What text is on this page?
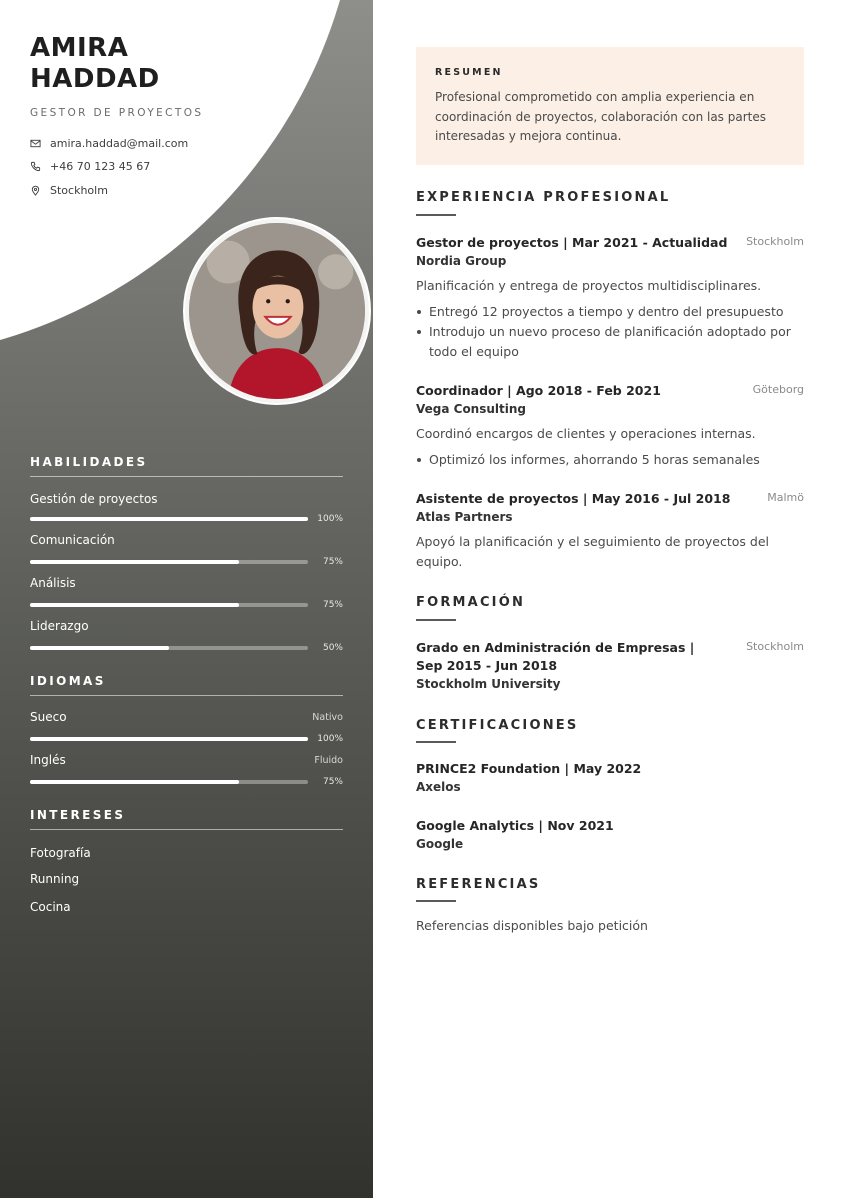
AMIRA
HADDAD
GESTOR DE PROYECTOS
amira.haddad@mail.com
+46 70 123 45 67
Stockholm
HABILIDADES
Gestión de proyectos
100%
Comunicación
75%
Análisis
75%
Liderazgo
50%
IDIOMAS
Sueco	Nativo
100%
Inglés	Fluido
75%
INTERESES
Fotografía
Running
Cocina
RESUMEN
Profesional comprometido con amplia experiencia en coordinación de proyectos, colaboración con las partes interesadas y mejora continua.
EXPERIENCIA PROFESIONAL
Gestor de proyectos | Mar 2021 - Actualidad	Stockholm
Nordia Group
Planificación y entrega de proyectos multidisciplinares.
Entregó 12 proyectos a tiempo y dentro del presupuesto
Introdujo un nuevo proceso de planificación adoptado por todo el equipo
Coordinador | Ago 2018 - Feb 2021	Göteborg
Vega Consulting
Coordinó encargos de clientes y operaciones internas.
Optimizó los informes, ahorrando 5 horas semanales
Asistente de proyectos | May 2016 - Jul 2018	Malmö
Atlas Partners
Apoyó la planificación y el seguimiento de proyectos del equipo.
FORMACIÓN
Grado en Administración de Empresas |
Sep 2015 - Jun 2018
Stockholm
Stockholm University
CERTIFICACIONES
PRINCE2 Foundation | May 2022
Axelos
Google Analytics | Nov 2021
Google
REFERENCIAS
Referencias disponibles bajo petición
